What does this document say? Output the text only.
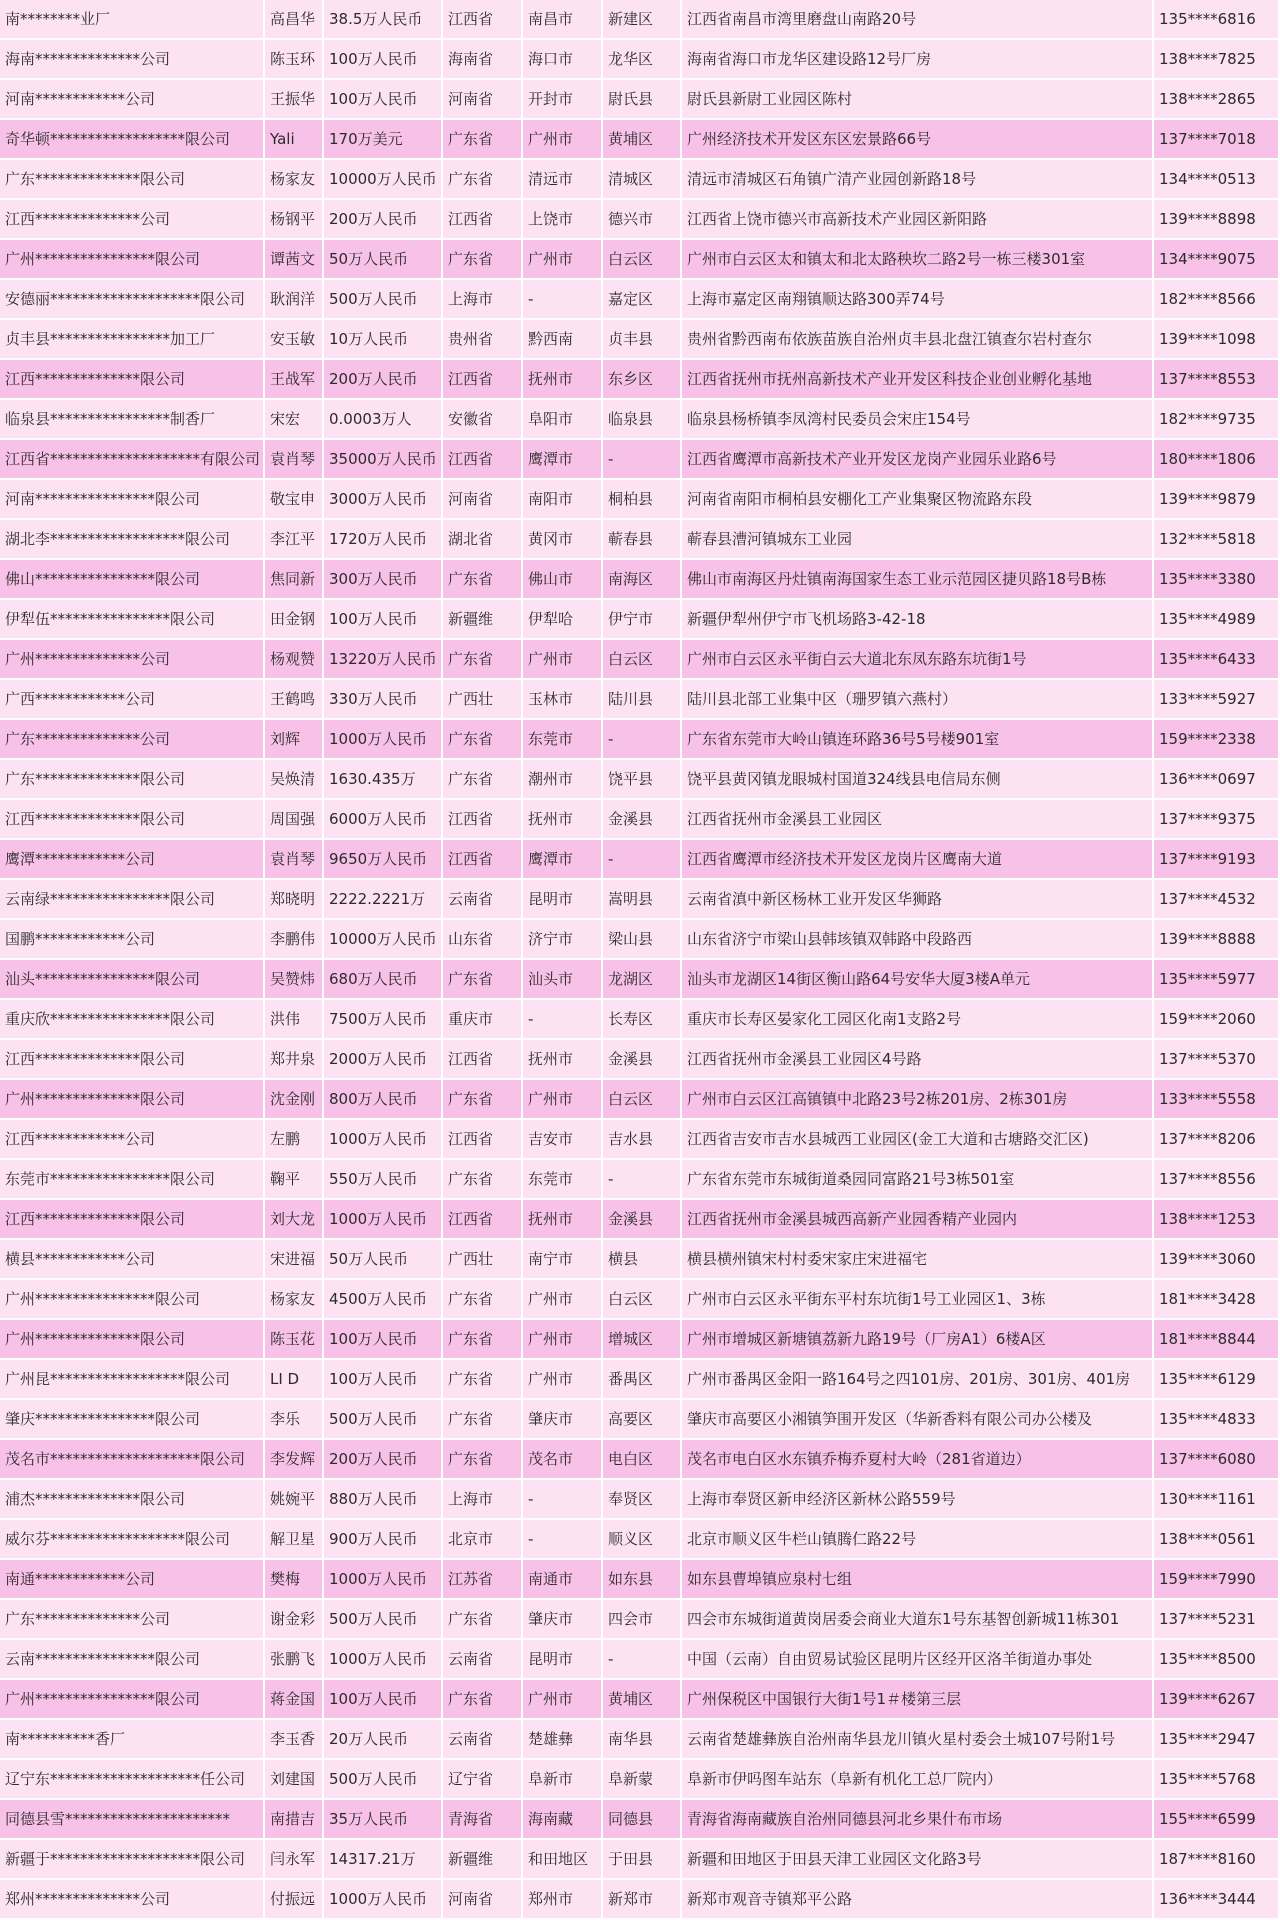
南********业厂	高昌华	38.5万人民币	江西省	南昌市	新建区	江西省南昌市湾里磨盘山南路20号	135****6816
海南**************公司	陈玉环	100万人民币	海南省	海口市	龙华区	海南省海口市龙华区建设路12号厂房	138****7825
河南************公司	王振华	100万人民币	河南省	开封市	尉氏县	尉氏县新尉工业园区陈村	138****2865
奇华顿******************限公司	Yali	170万美元	广东省	广州市	黄埔区	广州经济技术开发区东区宏景路66号	137****7018
广东**************限公司	杨家友	10000万人民币	广东省	清远市	清城区	清远市清城区石角镇广清产业园创新路18号	134****0513
江西**************公司	杨钢平	200万人民币	江西省	上饶市	德兴市	江西省上饶市德兴市高新技术产业园区新阳路	139****8898
广州****************限公司	谭茜文	50万人民币	广东省	广州市	白云区	广州市白云区太和镇太和北太路秧坎二路2号一栋三楼301室	134****9075
安德丽********************限公司	耿润洋	500万人民币	上海市	-	嘉定区	上海市嘉定区南翔镇顺达路300弄74号	182****8566
贞丰县****************加工厂	安玉敏	10万人民币	贵州省	黔西南	贞丰县	贵州省黔西南布依族苗族自治州贞丰县北盘江镇查尔岩村查尔	139****1098
江西**************限公司	王战军	200万人民币	江西省	抚州市	东乡区	江西省抚州市抚州高新技术产业开发区科技企业创业孵化基地	137****8553
临泉县****************制香厂	宋宏	0.0003万人	安徽省	阜阳市	临泉县	临泉县杨桥镇李凤湾村民委员会宋庄154号	182****9735
江西省********************有限公司	袁肖琴	35000万人民币	江西省	鹰潭市	-	江西省鹰潭市高新技术产业开发区龙岗产业园乐业路6号	180****1806
河南****************限公司	敬宝申	3000万人民币	河南省	南阳市	桐柏县	河南省南阳市桐柏县安棚化工产业集聚区物流路东段	139****9879
湖北李******************限公司	李江平	1720万人民币	湖北省	黄冈市	蕲春县	蕲春县漕河镇城东工业园	132****5818
佛山****************限公司	焦同新	300万人民币	广东省	佛山市	南海区	佛山市南海区丹灶镇南海国家生态工业示范园区捷贝路18号B栋	135****3380
伊犁伍****************限公司	田金钢	100万人民币	新疆维	伊犁哈	伊宁市	新疆伊犁州伊宁市飞机场路3-42-18	135****4989
广州**************公司	杨观赞	13220万人民币	广东省	广州市	白云区	广州市白云区永平街白云大道北东凤东路东坑街1号	135****6433
广西************公司	王鹤鸣	330万人民币	广西壮	玉林市	陆川县	陆川县北部工业集中区（珊罗镇六燕村）	133****5927
广东**************公司	刘辉	1000万人民币	广东省	东莞市	-	广东省东莞市大岭山镇连环路36号5号楼901室	159****2338
广东**************限公司	吴焕清	1630.435万	广东省	潮州市	饶平县	饶平县黄冈镇龙眼城村国道324线县电信局东侧	136****0697
江西**************限公司	周国强	6000万人民币	江西省	抚州市	金溪县	江西省抚州市金溪县工业园区	137****9375
鹰潭************公司	袁肖琴	9650万人民币	江西省	鹰潭市	-	江西省鹰潭市经济技术开发区龙岗片区鹰南大道	137****9193
云南绿****************限公司	郑晓明	2222.2221万	云南省	昆明市	嵩明县	云南省滇中新区杨林工业开发区华狮路	137****4532
国鹏************公司	李鹏伟	10000万人民币	山东省	济宁市	梁山县	山东省济宁市梁山县韩垓镇双韩路中段路西	139****8888
汕头****************限公司	吴赞炜	680万人民币	广东省	汕头市	龙湖区	汕头市龙湖区14街区衡山路64号安华大厦3楼A单元	135****5977
重庆欣****************限公司	洪伟	7500万人民币	重庆市	-	长寿区	重庆市长寿区晏家化工园区化南1支路2号	159****2060
江西**************限公司	郑井泉	2000万人民币	江西省	抚州市	金溪县	江西省抚州市金溪县工业园区4号路	137****5370
广州**************限公司	沈金刚	800万人民币	广东省	广州市	白云区	广州市白云区江高镇镇中北路23号2栋201房、2栋301房	133****5558
江西************公司	左鹏	1000万人民币	江西省	吉安市	吉水县	江西省吉安市吉水县城西工业园区(金工大道和古塘路交汇区)	137****8206
东莞市****************限公司	鞠平	550万人民币	广东省	东莞市	-	广东省东莞市东城街道桑园同富路21号3栋501室	137****8556
江西**************限公司	刘大龙	1000万人民币	江西省	抚州市	金溪县	江西省抚州市金溪县城西高新产业园香精产业园内	138****1253
横县************公司	宋进福	50万人民币	广西壮	南宁市	横县	横县横州镇宋村村委宋家庄宋进福宅	139****3060
广州****************限公司	杨家友	4500万人民币	广东省	广州市	白云区	广州市白云区永平街东平村东坑街1号工业园区1、3栋	181****3428
广州**************限公司	陈玉花	100万人民币	广东省	广州市	增城区	广州市增城区新塘镇荔新九路19号（厂房A1）6楼A区	181****8844
广州昆******************限公司	LI D	100万人民币	广东省	广州市	番禺区	广州市番禺区金阳一路164号之四101房、201房、301房、401房	135****6129
肇庆****************限公司	李乐	500万人民币	广东省	肇庆市	高要区	肇庆市高要区小湘镇笋围开发区（华新香料有限公司办公楼及	135****4833
茂名市********************限公司	李发辉	200万人民币	广东省	茂名市	电白区	茂名市电白区水东镇乔梅乔夏村大岭（281省道边）	137****6080
浦杰**************限公司	姚婉平	880万人民币	上海市	-	奉贤区	上海市奉贤区新申经济区新林公路559号	130****1161
威尔芬******************限公司	解卫星	900万人民币	北京市	-	顺义区	北京市顺义区牛栏山镇腾仁路22号	138****0561
南通************公司	樊梅	1000万人民币	江苏省	南通市	如东县	如东县曹埠镇应泉村七组	159****7990
广东**************公司	谢金彩	500万人民币	广东省	肇庆市	四会市	四会市东城街道黄岗居委会商业大道东1号东基智创新城11栋301	137****5231
云南****************限公司	张鹏飞	1000万人民币	云南省	昆明市	-	中国（云南）自由贸易试验区昆明片区经开区洛羊街道办事处	135****8500
广州****************限公司	蒋金国	100万人民币	广东省	广州市	黄埔区	广州保税区中国银行大街1号1＃楼第三层	139****6267
南**********香厂	李玉香	20万人民币	云南省	楚雄彝	南华县	云南省楚雄彝族自治州南华县龙川镇火星村委会土城107号附1号	135****2947
辽宁东********************任公司	刘建国	500万人民币	辽宁省	阜新市	阜新蒙	阜新市伊吗图车站东（阜新有机化工总厂院内）	135****5768
同德县雪**********************	南措吉	35万人民币	青海省	海南藏	同德县	青海省海南藏族自治州同德县河北乡果什布市场	155****6599
新疆于********************限公司	闫永军	14317.21万	新疆维	和田地区	于田县	新疆和田地区于田县天津工业园区文化路3号	187****8160
郑州**************公司	付振远	1000万人民币	河南省	郑州市	新郑市	新郑市观音寺镇郑平公路	136****3444
